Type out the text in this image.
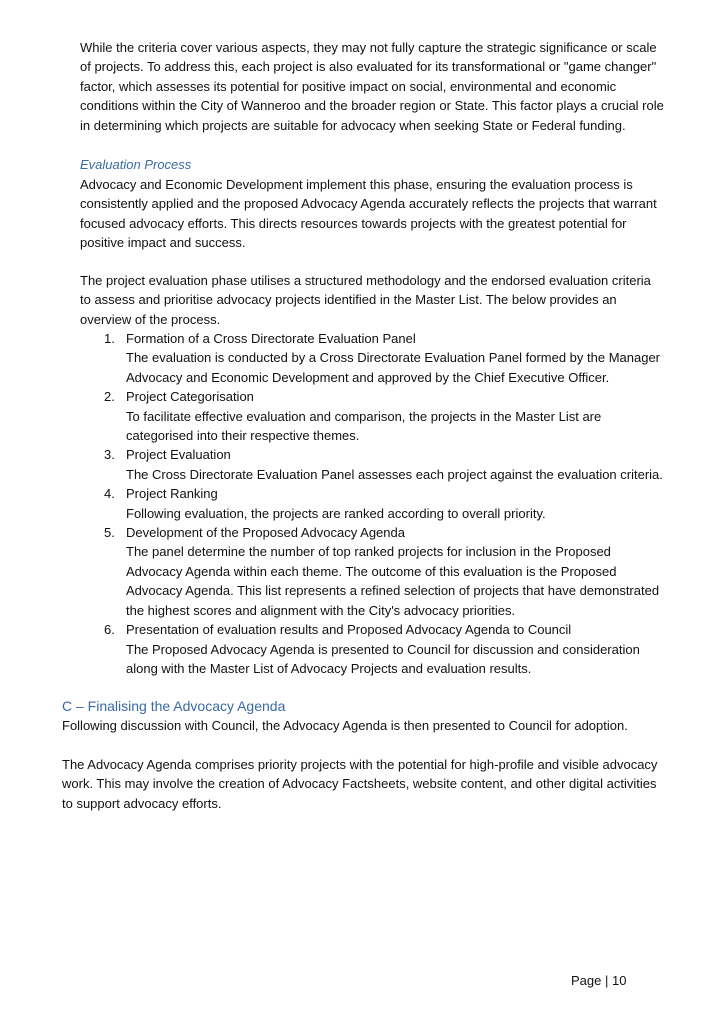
While the criteria cover various aspects, they may not fully capture the strategic significance or scale of projects. To address this, each project is also evaluated for its transformational or "game changer" factor, which assesses its potential for positive impact on social, environmental and economic conditions within the City of Wanneroo and the broader region or State. This factor plays a crucial role in determining which projects are suitable for advocacy when seeking State or Federal funding.

Evaluation Process

Advocacy and Economic Development implement this phase, ensuring the evaluation process is consistently applied and the proposed Advocacy Agenda accurately reflects the projects that warrant focused advocacy efforts. This directs resources towards projects with the greatest potential for positive impact and success.

The project evaluation phase utilises a structured methodology and the endorsed evaluation criteria to assess and prioritise advocacy projects identified in the Master List. The below provides an overview of the process.

1. Formation of a Cross Directorate Evaluation Panel
The evaluation is conducted by a Cross Directorate Evaluation Panel formed by the Manager Advocacy and Economic Development and approved by the Chief Executive Officer.
2. Project Categorisation
To facilitate effective evaluation and comparison, the projects in the Master List are categorised into their respective themes.
3. Project Evaluation
The Cross Directorate Evaluation Panel assesses each project against the evaluation criteria.
4. Project Ranking
Following evaluation, the projects are ranked according to overall priority.
5. Development of the Proposed Advocacy Agenda
The panel determine the number of top ranked projects for inclusion in the Proposed Advocacy Agenda within each theme. The outcome of this evaluation is the Proposed Advocacy Agenda. This list represents a refined selection of projects that have demonstrated the highest scores and alignment with the City's advocacy priorities.
6. Presentation of evaluation results and Proposed Advocacy Agenda to Council
The Proposed Advocacy Agenda is presented to Council for discussion and consideration along with the Master List of Advocacy Projects and evaluation results.
C – Finalising the Advocacy Agenda

Following discussion with Council, the Advocacy Agenda is then presented to Council for adoption.

The Advocacy Agenda comprises priority projects with the potential for high-profile and visible advocacy work. This may involve the creation of Advocacy Factsheets, website content, and other digital activities to support advocacy efforts.

Page | 10
